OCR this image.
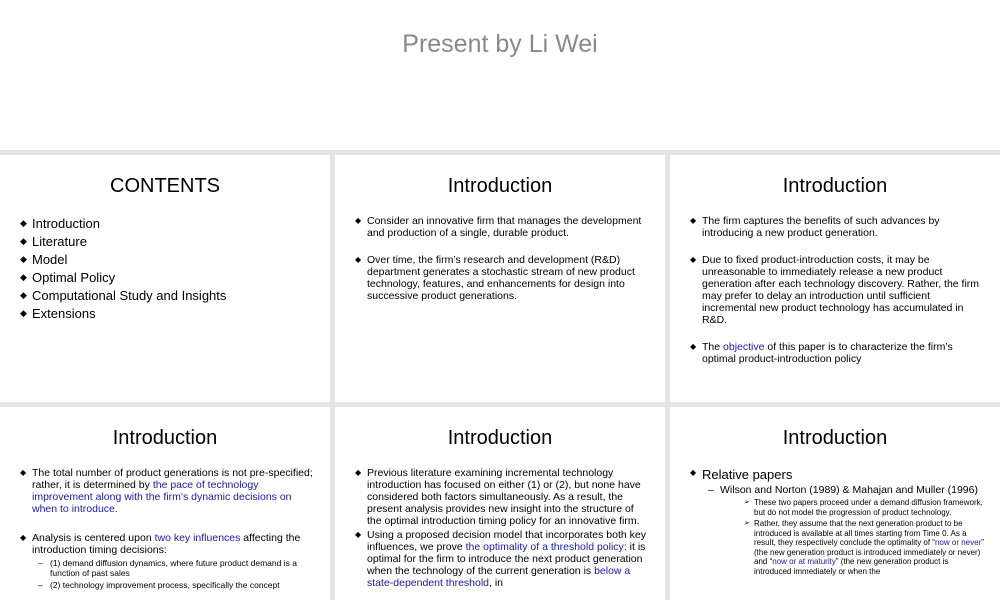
Present by Li Wei
CONTENTS
◆ Introduction
◆ Literature
◆ Model
◆ Optimal Policy
◆ Computational Study and Insights
◆ Extensions
Introduction
◆ Consider an innovative firm that manages the development and production of a single, durable product.
◆ Over time, the firm’s research and development (R&D) department generates a stochastic stream of new product technology, features, and enhancements for design into successive product generations.
Introduction
◆ The firm captures the benefits of such advances by introducing a new product generation.
◆ Due to fixed product-introduction costs, it may be unreasonable to immediately release a new product generation after each technology discovery. Rather, the firm may prefer to delay an introduction until sufficient incremental new product technology has accumulated in R&D.
◆ The objective of this paper is to characterize the firm’s optimal product-introduction policy
Introduction
◆ The total number of product generations is not pre-specified; rather, it is determined by the pace of technology improvement along with the firm’s dynamic decisions on when to introduce.
◆ Analysis is centered upon two key influences affecting the introduction timing decisions:
– (1) demand diffusion dynamics, where future product demand is a function of past sales
– (2) technology improvement process, specifically the concept
Introduction
◆ Previous literature examining incremental technology introduction has focused on either (1) or (2), but none have considered both factors simultaneously. As a result, the present analysis provides new insight into the structure of the optimal introduction timing policy for an innovative firm.
◆ Using a proposed decision model that incorporates both key influences, we prove the optimality of a threshold policy: it is optimal for the firm to introduce the next product generation when the technology of the current generation is below a state-dependent threshold, in
Introduction
◆ Relative papers
– Wilson and Norton (1989) & Mahajan and Muller (1996)
➢ These two papers proceed under a demand diffusion framework, but do not model the progression of product technology.
➢ Rather, they assume that the next generation product to be introduced is available at all times starting from Time 0. As a result, they respectively conclude the optimality of “now or never” (the new generation product is introduced immediately or never) and “now or at maturity” (the new generation product is introduced immediately or when the
